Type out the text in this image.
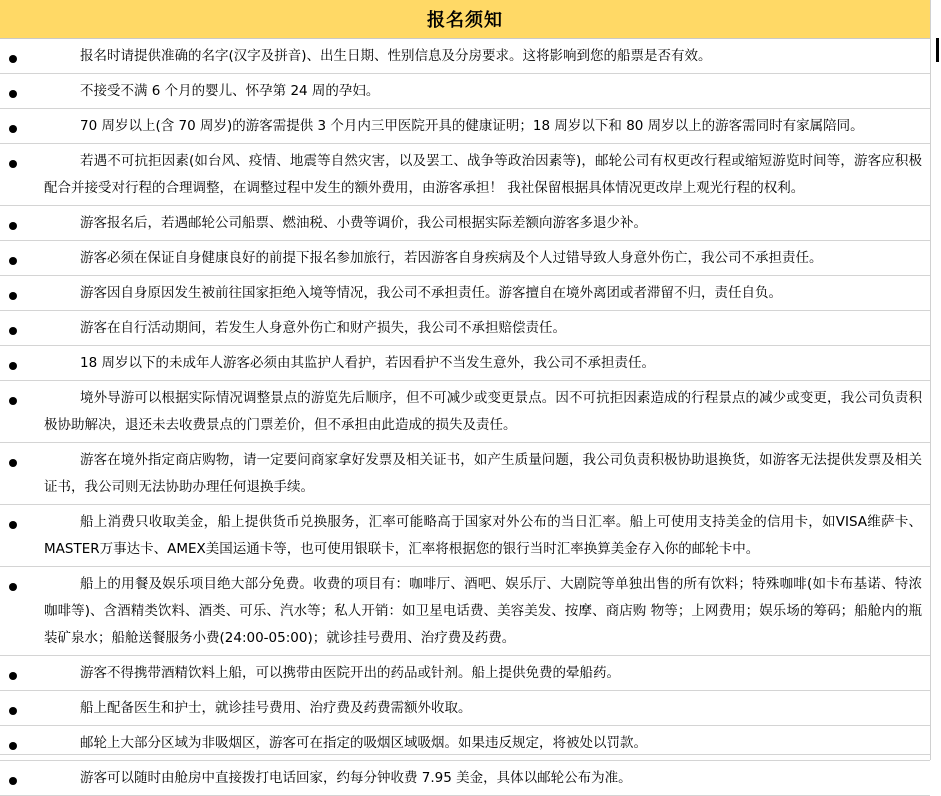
报名须知
报名时请提供准确的名字(汉字及拼音)、出生日期、性别信息及分房要求。这将影响到您的船票是否有效。
不接受不满 6 个月的婴儿、怀孕第 24 周的孕妇。
70 周岁以上(含 70 周岁)的游客需提供 3 个月内三甲医院开具的健康证明；18 周岁以下和 80 周岁以上的游客需同时有家属陪同。
若遇不可抗拒因素(如台风、疫情、地震等自然灾害，以及罢工、战争等政治因素等)，邮轮公司有权更改行程或缩短游览时间等，游客应积极配合并接受对行程的合理调整，在调整过程中发生的额外费用，由游客承担！ 我社保留根据具体情况更改岸上观光行程的权利。
游客报名后，若遇邮轮公司船票、燃油税、小费等调价，我公司根据实际差额向游客多退少补。
游客必须在保证自身健康良好的前提下报名参加旅行，若因游客自身疾病及个人过错导致人身意外伤亡，我公司不承担责任。
游客因自身原因发生被前往国家拒绝入境等情况，我公司不承担责任。游客擅自在境外离团或者滞留不归，责任自负。
游客在自行活动期间，若发生人身意外伤亡和财产损失，我公司不承担赔偿责任。
18 周岁以下的未成年人游客必须由其监护人看护，若因看护不当发生意外，我公司不承担责任。
境外导游可以根据实际情况调整景点的游览先后顺序，但不可减少或变更景点。因不可抗拒因素造成的行程景点的减少或变更，我公司负责积极协助解决，退还未去收费景点的门票差价，但不承担由此造成的损失及责任。
游客在境外指定商店购物，请一定要问商家拿好发票及相关证书，如产生质量问题，我公司负责积极协助退换货，如游客无法提供发票及相关证书，我公司则无法协助办理任何退换手续。
船上消费只收取美金，船上提供货币兑换服务，汇率可能略高于国家对外公布的当日汇率。船上可使用支持美金的信用卡，如VISA维萨卡、MASTER万事达卡、AMEX美国运通卡等，也可使用银联卡，汇率将根据您的银行当时汇率换算美金存入你的邮轮卡中。
船上的用餐及娱乐项目绝大部分免费。收费的项目有：咖啡厅、酒吧、娱乐厅、大剧院等单独出售的所有饮料；特殊咖啡(如卡布基诺、特浓咖啡等)、含酒精类饮料、酒类、可乐、汽水等；私人开销：如卫星电话费、美容美发、按摩、商店购 物等；上网费用；娱乐场的筹码；船舱内的瓶装矿泉水；船舱送餐服务小费(24:00-05:00)；就诊挂号费用、治疗费及药费。
游客不得携带酒精饮料上船，可以携带由医院开出的药品或针剂。船上提供免费的晕船药。
船上配备医生和护士，就诊挂号费用、治疗费及药费需额外收取。
邮轮上大部分区域为非吸烟区，游客可在指定的吸烟区域吸烟。如果违反规定，将被处以罚款。
游客可以随时由舱房中直接拨打电话回家，约每分钟收费 7.95 美金，具体以邮轮公布为准。
